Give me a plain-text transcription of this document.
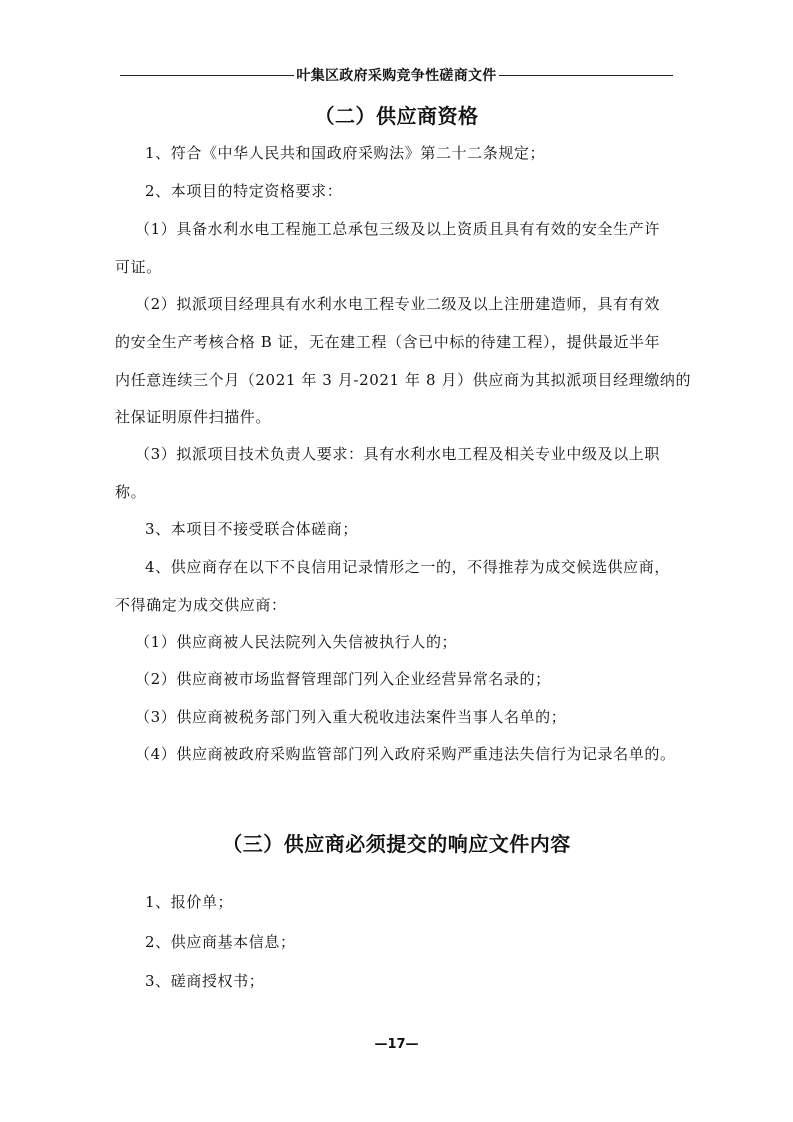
叶集区政府采购竞争性磋商文件
（二）供应商资格
1、符合《中华人民共和国政府采购法》第二十二条规定；
2、本项目的特定资格要求：
（1）具备水利水电工程施工总承包三级及以上资质且具有有效的安全生产许
可证。
（2）拟派项目经理具有水利水电工程专业二级及以上注册建造师，具有有效
的安全生产考核合格 B 证，无在建工程（含已中标的待建工程），提供最近半年
内任意连续三个月（2021 年 3 月-2021 年 8 月）供应商为其拟派项目经理缴纳的
社保证明原件扫描件。
（3）拟派项目技术负责人要求：具有水利水电工程及相关专业中级及以上职
称。
3、本项目不接受联合体磋商；
4、供应商存在以下不良信用记录情形之一的，不得推荐为成交候选供应商，
不得确定为成交供应商：
（1）供应商被人民法院列入失信被执行人的；
（2）供应商被市场监督管理部门列入企业经营异常名录的；
（3）供应商被税务部门列入重大税收违法案件当事人名单的；
（4）供应商被政府采购监管部门列入政府采购严重违法失信行为记录名单的。
（三）供应商必须提交的响应文件内容
1、报价单；
2、供应商基本信息；
3、磋商授权书；
—17—
